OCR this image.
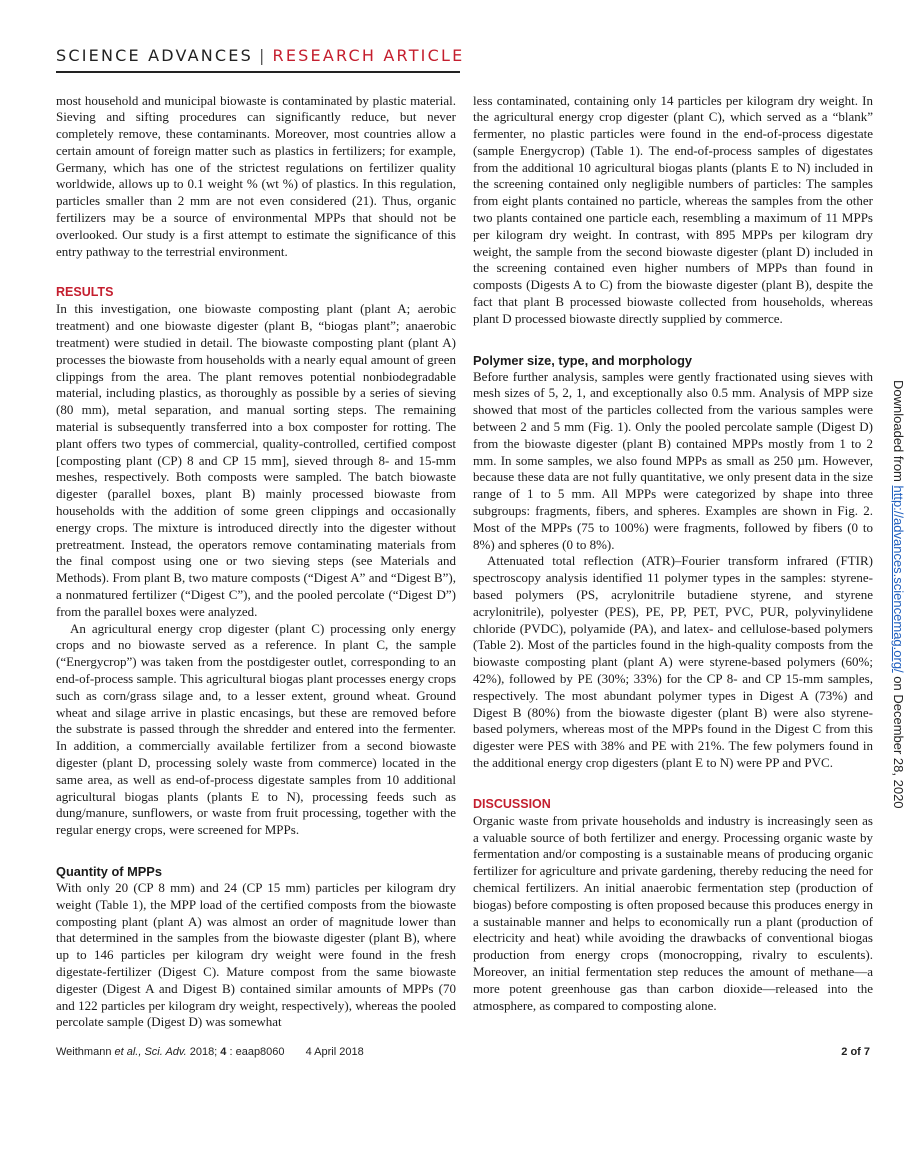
SCIENCE ADVANCES | RESEARCH ARTICLE

most household and municipal biowaste is contaminated by plastic material. Sieving and sifting procedures can significantly reduce, but never completely remove, these contaminants. Moreover, most countries allow a certain amount of foreign matter such as plastics in fertilizers; for example, Germany, which has one of the strictest regulations on fertilizer quality worldwide, allows up to 0.1 weight % (wt %) of plastics. In this regulation, particles smaller than 2 mm are not even considered (21). Thus, organic fertilizers may be a source of environmental MPPs that should not be overlooked. Our study is a first attempt to estimate the significance of this entry pathway to the terrestrial environment.

RESULTS

In this investigation, one biowaste composting plant (plant A; aerobic treatment) and one biowaste digester (plant B, “biogas plant”; anaerobic treatment) were studied in detail. The biowaste composting plant (plant A) processes the biowaste from households with a nearly equal amount of green clippings from the area. The plant removes potential nonbiodegradable material, including plastics, as thoroughly as possible by a series of sieving (80 mm), metal separation, and manual sorting steps. The remaining material is subsequently transferred into a box composter for rotting. The plant offers two types of commercial, quality-controlled, certified compost [composting plant (CP) 8 and CP 15 mm], sieved through 8- and 15-mm meshes, respectively. Both composts were sampled. The batch biowaste digester (parallel boxes, plant B) mainly processed biowaste from households with the addition of some green clippings and occasionally energy crops. The mixture is introduced directly into the digester without pretreatment. Instead, the operators remove contaminating materials from the final compost using one or two sieving steps (see Materials and Methods). From plant B, two mature composts (“Digest A” and “Digest B”), a nonmatured fertilizer (“Digest C”), and the pooled percolate (“Digest D”) from the parallel boxes were analyzed.

An agricultural energy crop digester (plant C) processing only energy crops and no biowaste served as a reference. In plant C, the sample (“Energycrop”) was taken from the postdigester outlet, corresponding to an end-of-process sample. This agricultural biogas plant processes energy crops such as corn/grass silage and, to a lesser extent, ground wheat. Ground wheat and silage arrive in plastic encasings, but these are removed before the substrate is passed through the shredder and entered into the fermenter. In addition, a commercially available fertilizer from a second biowaste digester (plant D, processing solely waste from commerce) located in the same area, as well as end-of-process digestate samples from 10 additional agricultural biogas plants (plants E to N), processing feeds such as dung/manure, sunflowers, or waste from fruit processing, together with the regular energy crops, were screened for MPPs.

Quantity of MPPs

With only 20 (CP 8 mm) and 24 (CP 15 mm) particles per kilogram dry weight (Table 1), the MPP load of the certified composts from the biowaste composting plant (plant A) was almost an order of magnitude lower than that determined in the samples from the biowaste digester (plant B), where up to 146 particles per kilogram dry weight were found in the fresh digestate-fertilizer (Digest C). Mature compost from the same biowaste digester (Digest A and Digest B) contained similar amounts of MPPs (70 and 122 particles per kilogram dry weight, respectively), whereas the pooled percolate sample (Digest D) was somewhat

less contaminated, containing only 14 particles per kilogram dry weight. In the agricultural energy crop digester (plant C), which served as a “blank” fermenter, no plastic particles were found in the end-of-process digestate (sample Energycrop) (Table 1). The end-of-process samples of digestates from the additional 10 agricultural biogas plants (plants E to N) included in the screening contained only negligible numbers of particles: The samples from eight plants contained no particle, whereas the samples from the other two plants contained one particle each, resembling a maximum of 11 MPPs per kilogram dry weight. In contrast, with 895 MPPs per kilogram dry weight, the sample from the second biowaste digester (plant D) included in the screening contained even higher numbers of MPPs than found in composts (Digests A to C) from the biowaste digester (plant B), despite the fact that plant B processed biowaste collected from households, whereas plant D processed biowaste directly supplied by commerce.

Polymer size, type, and morphology

Before further analysis, samples were gently fractionated using sieves with mesh sizes of 5, 2, 1, and exceptionally also 0.5 mm. Analysis of MPP size showed that most of the particles collected from the various samples were between 2 and 5 mm (Fig. 1). Only the pooled percolate sample (Digest D) from the biowaste digester (plant B) contained MPPs mostly from 1 to 2 mm. In some samples, we also found MPPs as small as 250 µm. However, because these data are not fully quantitative, we only present data in the size range of 1 to 5 mm. All MPPs were categorized by shape into three subgroups: fragments, fibers, and spheres. Examples are shown in Fig. 2. Most of the MPPs (75 to 100%) were fragments, followed by fibers (0 to 8%) and spheres (0 to 8%).

Attenuated total reflection (ATR)–Fourier transform infrared (FTIR) spectroscopy analysis identified 11 polymer types in the samples: styrene-based polymers (PS, acrylonitrile butadiene styrene, and styrene acrylonitrile), polyester (PES), PE, PP, PET, PVC, PUR, polyvinylidene chloride (PVDC), polyamide (PA), and latex- and cellulose-based polymers (Table 2). Most of the particles found in the high-quality composts from the biowaste composting plant (plant A) were styrene-based polymers (60%; 42%), followed by PE (30%; 33%) for the CP 8- and CP 15-mm samples, respectively. The most abundant polymer types in Digest A (73%) and Digest B (80%) from the biowaste digester (plant B) were also styrene-based polymers, whereas most of the MPPs found in the Digest C from this digester were PES with 38% and PE with 21%. The few polymers found in the additional energy crop digesters (plant E to N) were PP and PVC.

DISCUSSION

Organic waste from private households and industry is increasingly seen as a valuable source of both fertilizer and energy. Processing organic waste by fermentation and/or composting is a sustainable means of producing organic fertilizer for agriculture and private gardening, thereby reducing the need for chemical fertilizers. An initial anaerobic fermentation step (production of biogas) before composting is often proposed because this produces energy in a sustainable manner and helps to economically run a plant (production of electricity and heat) while avoiding the drawbacks of conventional biogas production from energy crops (monocropping, rivalry to esculents). Moreover, an initial fermentation step reduces the amount of methane—a more potent greenhouse gas than carbon dioxide—released into the atmosphere, as compared to composting alone.

Weithmann et al., Sci. Adv. 2018; 4 : eaap8060 4 April 2018	2 of 7
Downloaded from http://advances.sciencemag.org/ on December 28, 2020
